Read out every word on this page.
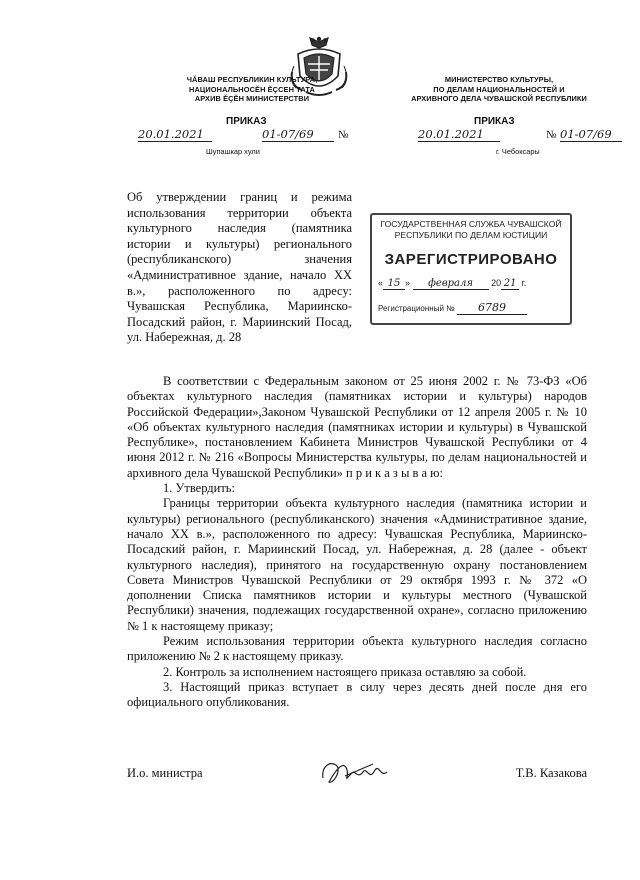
ЧĂВАШ РЕСПУБЛИКИН КУЛЬТУРА,
НАЦИОНАЛЬНОСĔН ĔÇСЕН ТАТА
АРХИВ ĔÇĔН МИНИСТЕРСТВИ
МИНИСТЕРСТВО КУЛЬТУРЫ,
ПО ДЕЛАМ НАЦИОНАЛЬНОСТЕЙ И
АРХИВНОГО ДЕЛА ЧУВАШСКОЙ РЕСПУБЛИКИ
ПРИКАЗ	ПРИКАЗ
20.01.2021	01-07/69	№
Шупашкар хули
20.01.2021	№ 01-07/69
г. Чебоксары
Об утверждении границ и режима использования территории объекта культурного наследия (памятника истории и культуры) регионального (республиканского) значения «Административное здание, начало ХХ в.», расположенного по адресу: Чувашская Республика, Мариинско-Посадский район, г. Мариинский Посад, ул. Набережная, д. 28
ГОСУДАРСТВЕННАЯ СЛУЖБА ЧУВАШСКОЙ
РЕСПУБЛИКИ ПО ДЕЛАМ ЮСТИЦИИ
ЗАРЕГИСТРИРОВАНО
« 15 » февраля 20 21 г.
Регистрационный № 6789

В соответствии с Федеральным законом от 25 июня 2002 г. № 73-ФЗ «Об объектах культурного наследия (памятниках истории и культуры) народов Российской Федерации»,Законом Чувашской Республики от 12 апреля 2005 г. № 10 «Об объектах культурного наследия (памятниках истории и культуры) в Чувашской Республике», постановлением Кабинета Министров Чувашской Республики от 4 июня 2012 г. № 216 «Вопросы Министерства культуры, по делам национальностей и архивного дела Чувашской Республики» п р и к а з ы в а ю:

1. Утвердить:

Границы территории объекта культурного наследия (памятника истории и культуры) регионального (республиканского) значения «Административное здание, начало ХХ в.», расположенного по адресу: Чувашская Республика, Мариинско-Посадский район, г. Мариинский Посад, ул. Набережная, д. 28 (далее - объект культурного наследия), принятого на государственную охрану постановлением Совета Министров Чувашской Республики от 29 октября 1993 г. № 372 «О дополнении Списка памятников истории и культуры местного (Чувашской Республики) значения, подлежащих государственной охране», согласно приложению № 1 к настоящему приказу;

Режим использования территории объекта культурного наследия согласно приложению № 2 к настоящему приказу.

2. Контроль за исполнением настоящего приказа оставляю за собой.

3. Настоящий приказ вступает в силу через десять дней после дня его официального опубликования.

И.о. министра	Т.В. Казакова
